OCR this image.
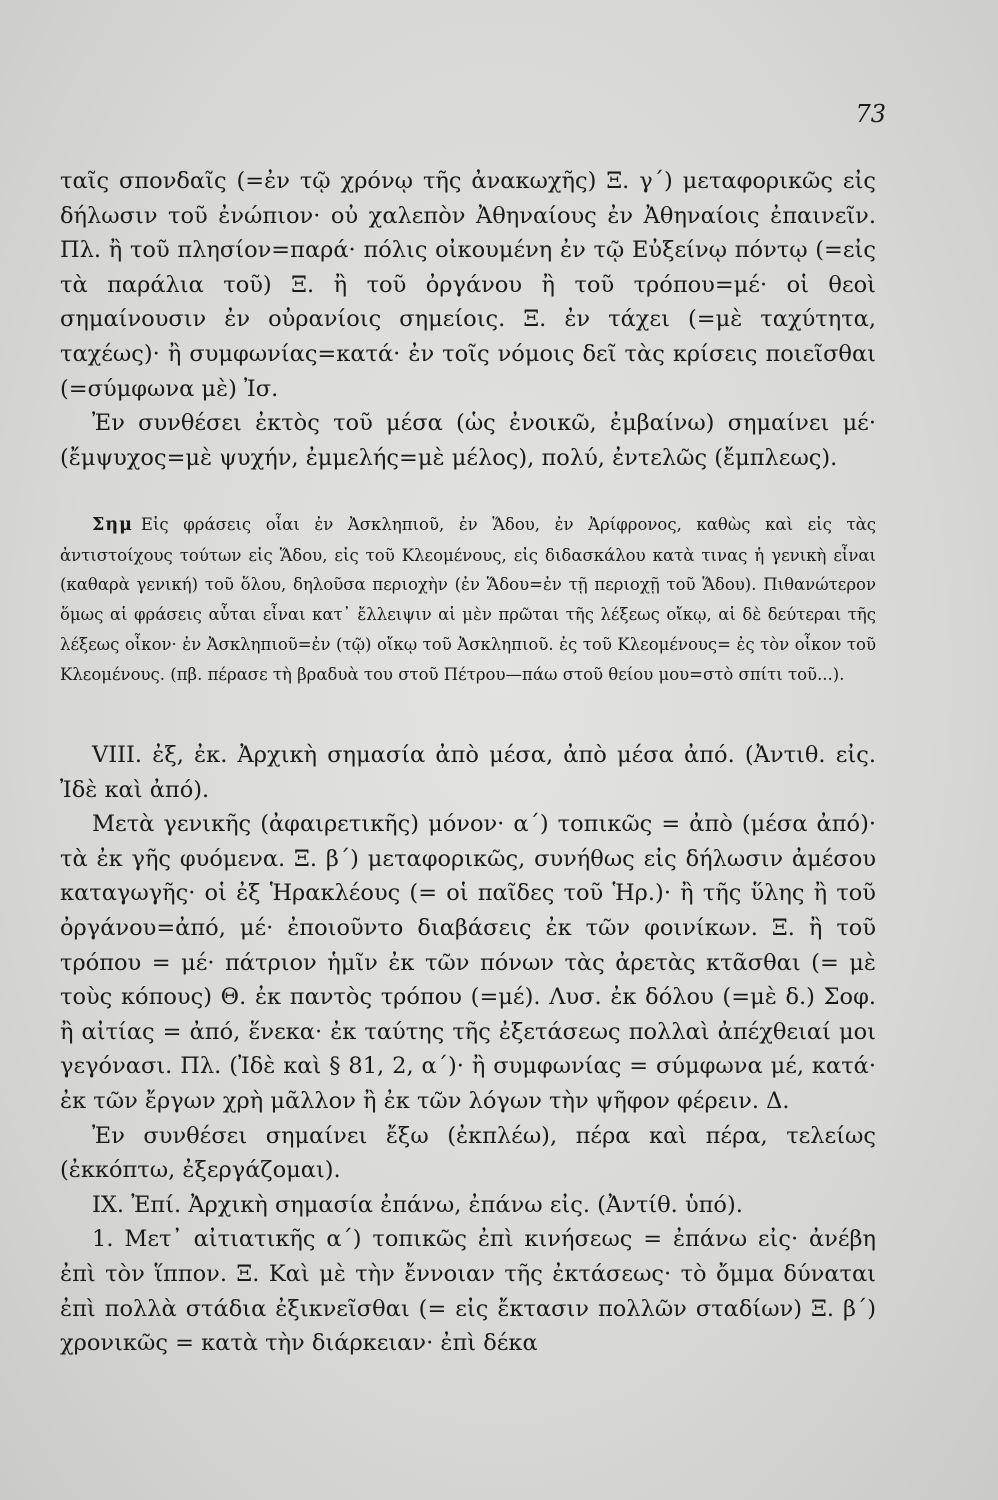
73

ταῖς σπονδαῖς (=ἐν τῷ χρόνῳ τῆς ἀνακωχῆς) Ξ. γ΄) μεταφορικῶς εἰς δήλωσιν τοῦ ἐνώπιον· οὐ χαλεπὸν Ἀθηναίους ἐν Ἀθηναίοις ἐπαινεῖν. Πλ. ἢ τοῦ πλησίον=παρά· πόλις οἰκουμένη ἐν τῷ Εὐξείνῳ πόντῳ (=εἰς τὰ παράλια τοῦ) Ξ. ἢ τοῦ ὀργάνου ἢ τοῦ τρόπου=μέ· οἱ θεοὶ σημαίνουσιν ἐν οὐρανίοις σημείοις. Ξ. ἐν τάχει (=μὲ ταχύτητα, ταχέως)· ἢ συμφωνίας=κατά· ἐν τοῖς νόμοις δεῖ τὰς κρίσεις ποιεῖσθαι (=σύμφωνα μὲ) Ἰσ.

Ἐν συνθέσει ἐκτὸς τοῦ μέσα (ὡς ἐνοικῶ, ἐμβαίνω) σημαίνει μέ· (ἔμψυχος=μὲ ψυχήν, ἐμμελής=μὲ μέλος), πολύ, ἐντελῶς (ἔμπλεως).

Σημ Εἰς φράσεις οἷαι ἐν Ἀσκληπιοῦ, ἐν Ἅδου, ἐν Ἀρίφρονος, καθὼς καὶ εἰς τὰς ἀντιστοίχους τούτων εἰς Ἅδου, εἰς τοῦ Κλεομένους, εἰς διδασκάλου κατὰ τινας ἡ γενικὴ εἶναι (καθαρὰ γενική) τοῦ ὅλου, δηλοῦσα περιοχὴν (ἐν Ἅδου=ἐν τῇ περιοχῇ τοῦ Ἅδου). Πιθανώτερον ὅμως αἱ φράσεις αὗται εἶναι κατ᾽ ἔλλειψιν αἱ μὲν πρῶται τῆς λέξεως οἴκῳ, αἱ δὲ δεύτεραι τῆς λέξεως οἶκον· ἐν Ἀσκληπιοῦ=ἐν (τῷ) οἴκῳ τοῦ Ἀσκληπιοῦ. ἐς τοῦ Κλεομένους= ἐς τὸν οἶκον τοῦ Κλεομένους. (πβ. πέρασε τὴ βραδυὰ του στοῦ Πέτρου—πάω στοῦ θείου μου=στὸ σπίτι τοῦ...).

VIII. ἐξ, ἐκ. Ἀρχικὴ σημασία ἀπὸ μέσα, ἀπὸ μέσα ἀπό. (Ἀντιθ. εἰς. Ἰδὲ καὶ ἀπό).

Μετὰ γενικῆς (ἀφαιρετικῆς) μόνον· α΄) τοπικῶς = ἀπὸ (μέσα ἀπό)· τὰ ἐκ γῆς φυόμενα. Ξ. β΄) μεταφορικῶς, συνήθως εἰς δήλωσιν ἀμέσου καταγωγῆς· οἱ ἐξ Ἡρακλέους (= οἱ παῖδες τοῦ Ἡρ.)· ἢ τῆς ὕλης ἢ τοῦ ὀργάνου=ἀπό, μέ· ἐποιοῦντο διαβάσεις ἐκ τῶν φοινίκων. Ξ. ἢ τοῦ τρόπου = μέ· πάτριον ἡμῖν ἐκ τῶν πόνων τὰς ἀρετὰς κτᾶσθαι (= μὲ τοὺς κόπους) Θ. ἐκ παντὸς τρόπου (=μέ). Λυσ. ἐκ δόλου (=μὲ δ.) Σοφ. ἢ αἰτίας = ἀπό, ἕνεκα· ἐκ ταύτης τῆς ἐξετάσεως πολλαὶ ἀπέχθειαί μοι γεγόνασι. Πλ. (Ἰδὲ καὶ § 81, 2, α΄)· ἢ συμφωνίας = σύμφωνα μέ, κατά· ἐκ τῶν ἔργων χρὴ μᾶλλον ἢ ἐκ τῶν λόγων τὴν ψῆφον φέρειν. Δ.

Ἐν συνθέσει σημαίνει ἔξω (ἐκπλέω), πέρα καὶ πέρα, τελείως (ἐκκόπτω, ἐξεργάζομαι).

IX. Ἐπί. Ἀρχικὴ σημασία ἐπάνω, ἐπάνω εἰς. (Ἀντίθ. ὑπό).

1. Μετ᾽ αἰτιατικῆς α΄) τοπικῶς ἐπὶ κινήσεως = ἐπάνω εἰς· ἀνέβη ἐπὶ τὸν ἵππον. Ξ. Καὶ μὲ τὴν ἔννοιαν τῆς ἐκτάσεως· τὸ ὄμμα δύναται ἐπὶ πολλὰ στάδια ἐξικνεῖσθαι (= εἰς ἔκτασιν πολλῶν σταδίων) Ξ. β΄) χρονικῶς = κατὰ τὴν διάρκειαν· ἐπὶ δέκα
